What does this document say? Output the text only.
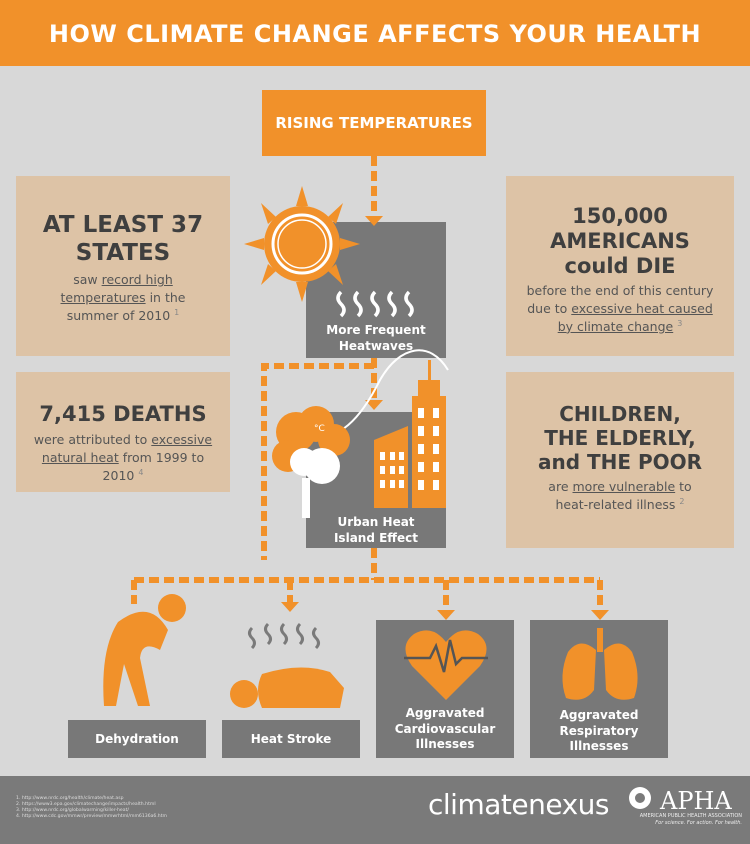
HOW CLIMATE CHANGE AFFECTS YOUR HEALTH
RISING TEMPERATURES
AT LEAST 37 STATES
saw record high temperatures in the summer of 2010 $^1$
150,000
AMERICANS
could DIE
before the end of this century due to excessive heat caused by climate change $^3$
7,415 DEATHS
were attributed to excessive natural heat from 1999 to 2010 $^4$
CHILDREN,
THE ELDERLY,
and THE POOR
are more vulnerable to heat-related illness $^2$
More Frequent Heatwaves
°C
Urban Heat Island Effect
Dehydration	Heat Stroke
Aggravated Cardiovascular Illnesses
Aggravated Respiratory Illnesses
1. http://www.nrdc.org/health/climate/heat.asp
2. https://www3.epa.gov/climatechange/impacts/health.html
3. http://www.nrdc.org/globalwarming/killer-heat/
4. http://www.cdc.gov/mmwr/preview/mmwrhtml/mm6136a6.htm	climatenexus APHA
AMERICAN PUBLIC HEALTH ASSOCIATION
For science. For action. For health.
